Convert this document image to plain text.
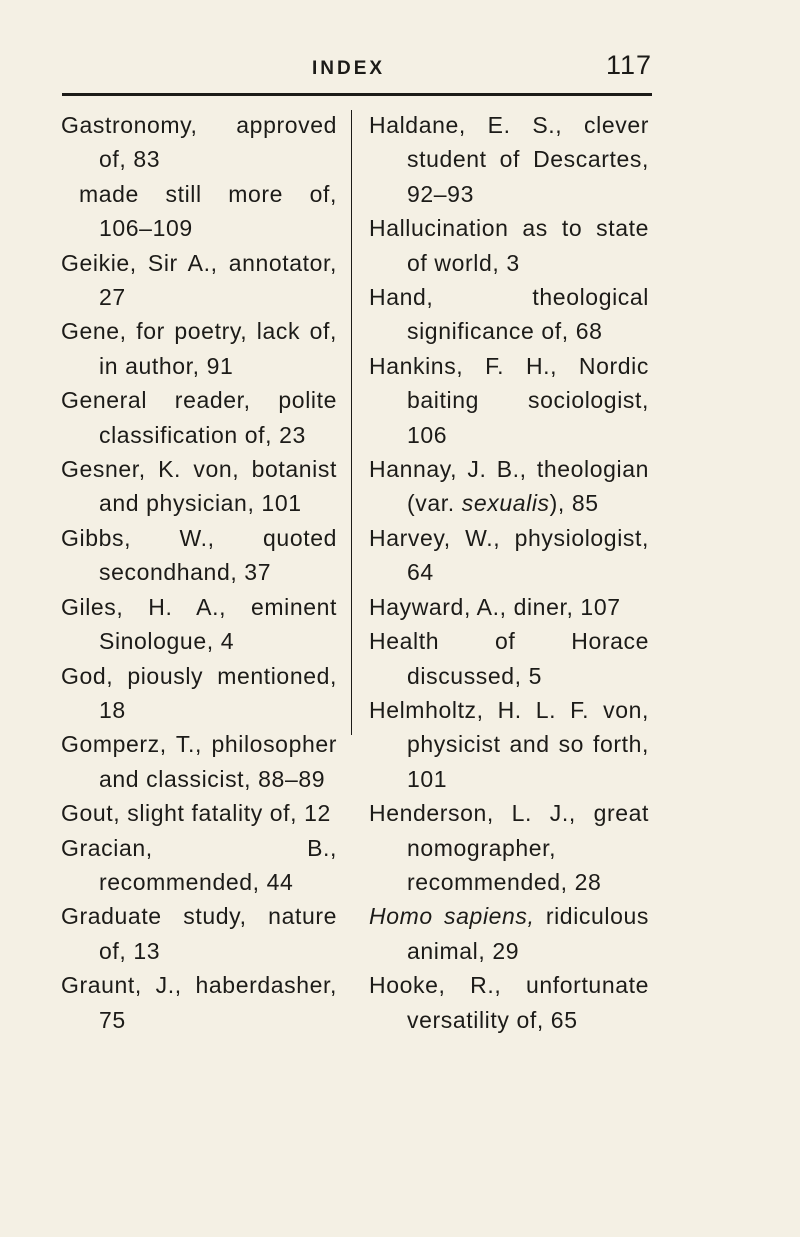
INDEX	117
Gastronomy, approved of, 83
made still more of, 106–109
Geikie, Sir A., annotator, 27
Gene, for poetry, lack of, in author, 91
General reader, polite classification of, 23
Gesner, K. von, botanist and physician, 101
Gibbs, W., quoted secondhand, 37
Giles, H. A., eminent Sinologue, 4
God, piously mentioned, 18
Gomperz, T., philosopher and classicist, 88–89
Gout, slight fatality of, 12
Gracian, B., recommended, 44
Graduate study, nature of, 13
Graunt, J., haberdasher, 75
Haldane, E. S., clever student of Descartes, 92–93
Hallucination as to state of world, 3
Hand, theological significance of, 68
Hankins, F. H., Nordic baiting sociologist, 106
Hannay, J. B., theologian (var. sexualis), 85
Harvey, W., physiologist, 64
Hayward, A., diner, 107
Health of Horace discussed, 5
Helmholtz, H. L. F. von, physicist and so forth, 101
Henderson, L. J., great nomographer, recommended, 28
Homo sapiens, ridiculous animal, 29
Hooke, R., unfortunate versatility of, 65
